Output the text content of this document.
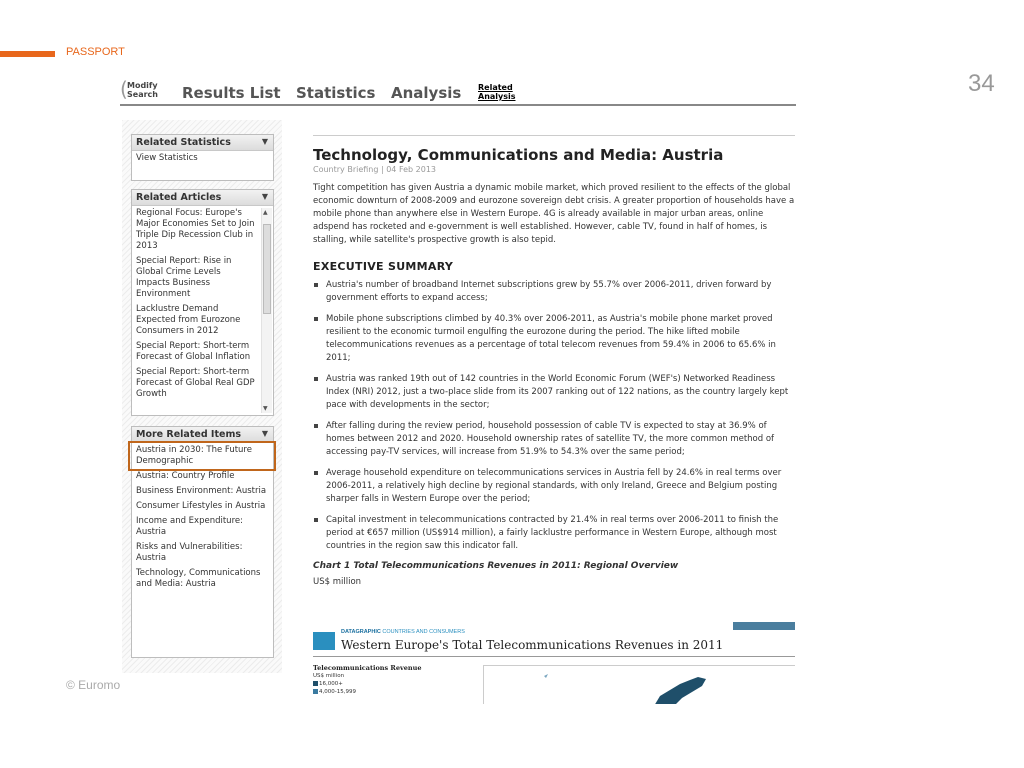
PASSPORT
34
( Modify
Search Results List Statistics Analysis Related
Analysis
Related Statistics	▼
View Statistics
Related Articles	▼
Regional Focus: Europe's Major Economies Set to Join Triple Dip Recession Club in 2013
Special Report: Rise in Global Crime Levels Impacts Business Environment
Lacklustre Demand Expected from Eurozone Consumers in 2012
Special Report: Short-term Forecast of Global Inflation
Special Report: Short-term Forecast of Global Real GDP Growth
▲
▼
More Related Items	▼
Austria in 2030: The Future Demographic
Austria: Country Profile
Business Environment: Austria
Consumer Lifestyles in Austria
Income and Expenditure: Austria
Risks and Vulnerabilities: Austria
Technology, Communications and Media: Austria
Technology, Communications and Media: Austria
Country Briefing | 04 Feb 2013
Tight competition has given Austria a dynamic mobile market, which proved resilient to the effects of the global economic downturn of 2008-2009 and eurozone sovereign debt crisis. A greater proportion of households have a mobile phone than anywhere else in Western Europe. 4G is already available in major urban areas, online adspend has rocketed and e-government is well established. However, cable TV, found in half of homes, is stalling, while satellite's prospective growth is also tepid.
EXECUTIVE SUMMARY
Austria's number of broadband Internet subscriptions grew by 55.7% over 2006-2011, driven forward by government efforts to expand access;
Mobile phone subscriptions climbed by 40.3% over 2006-2011, as Austria's mobile phone market proved resilient to the economic turmoil engulfing the eurozone during the period. The hike lifted mobile telecommunications revenues as a percentage of total telecom revenues from 59.4% in 2006 to 65.6% in 2011;
Austria was ranked 19th out of 142 countries in the World Economic Forum (WEF's) Networked Readiness Index (NRI) 2012, just a two-place slide from its 2007 ranking out of 122 nations, as the country largely kept pace with developments in the sector;
After falling during the review period, household possession of cable TV is expected to stay at 36.9% of homes between 2012 and 2020. Household ownership rates of satellite TV, the more common method of accessing pay-TV services, will increase from 51.9% to 54.3% over the same period;
Average household expenditure on telecommunications services in Austria fell by 24.6% in real terms over 2006-2011, a relatively high decline by regional standards, with only Ireland, Greece and Belgium posting sharper falls in Western Europe over the period;
Capital investment in telecommunications contracted by 21.4% in real terms over 2006-2011 to finish the period at €657 million (US$914 million), a fairly lacklustre performance in Western Europe, although most countries in the region saw this indicator fall.
Chart 1 Total Telecommunications Revenues in 2011: Regional Overview
US$ million
DATAGRAPHIC COUNTRIES AND CONSUMERS
Western Europe's Total Telecommunications Revenues in 2011
Telecommunications Revenue
US$ million
16,000+
4,000-15,999
© Euromo
